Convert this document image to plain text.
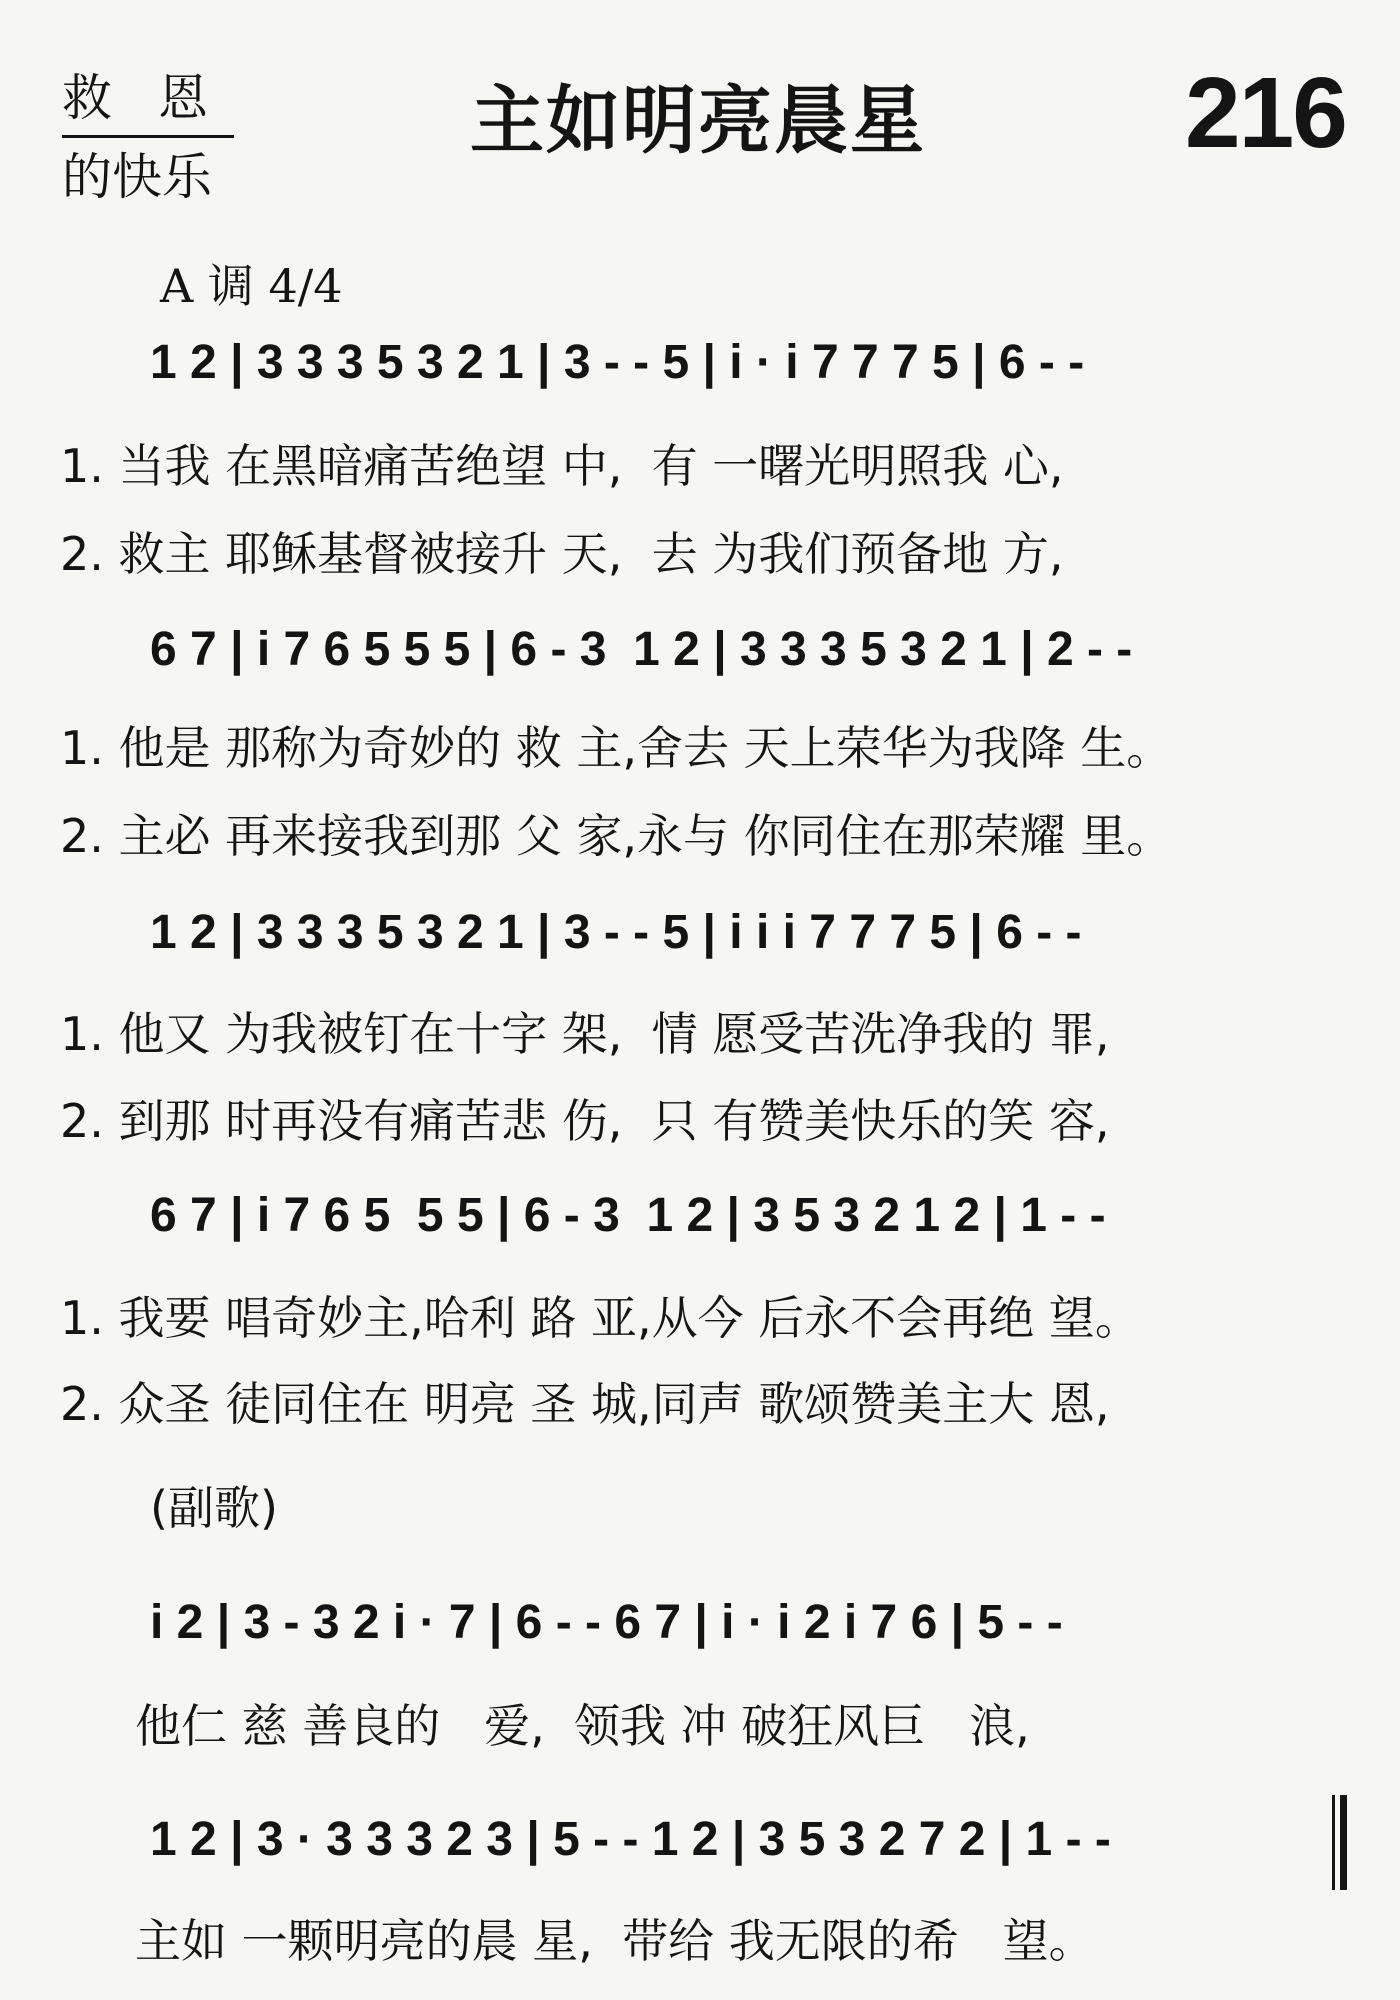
救恩
的快乐
主如明亮晨星	216
A 调 4/4
1 2 | 3 3 3 5 3 2 1 | 3 - - 5 | i · i 7 7 7 5 | 6 - -
1. 当我 在黑暗痛苦绝望 中,  有 一曙光明照我 心,
2. 救主 耶稣基督被接升 天,  去 为我们预备地 方,
6 7 | i 7 6 5 5 5 | 6 - 3  1 2 | 3 3 3 5 3 2 1 | 2 - -
1. 他是 那称为奇妙的 救 主,舍去 天上荣华为我降 生。
2. 主必 再来接我到那 父 家,永与 你同住在那荣耀 里。
1 2 | 3 3 3 5 3 2 1 | 3 - - 5 | i i i 7 7 7 5 | 6 - -
1. 他又 为我被钉在十字 架,  情 愿受苦洗净我的 罪,
2. 到那 时再没有痛苦悲 伤,  只 有赞美快乐的笑 容,
6 7 | i 7 6 5  5 5 | 6 - 3  1 2 | 3 5 3 2 1 2 | 1 - -
1. 我要 唱奇妙主,哈利 路 亚,从今 后永不会再绝 望。
2. 众圣 徒同住在 明亮 圣 城,同声 歌颂赞美主大 恩,
(副歌)
i 2 | 3 - 3 2 i · 7 | 6 - - 6 7 | i · i 2 i 7 6 | 5 - -
他仁 慈 善良的   爱,  领我 冲 破狂风巨   浪,
1 2 | 3 · 3 3 3 2 3 | 5 - - 1 2 | 3 5 3 2 7 2 | 1 - -
主如 一颗明亮的晨 星,  带给 我无限的希   望。
